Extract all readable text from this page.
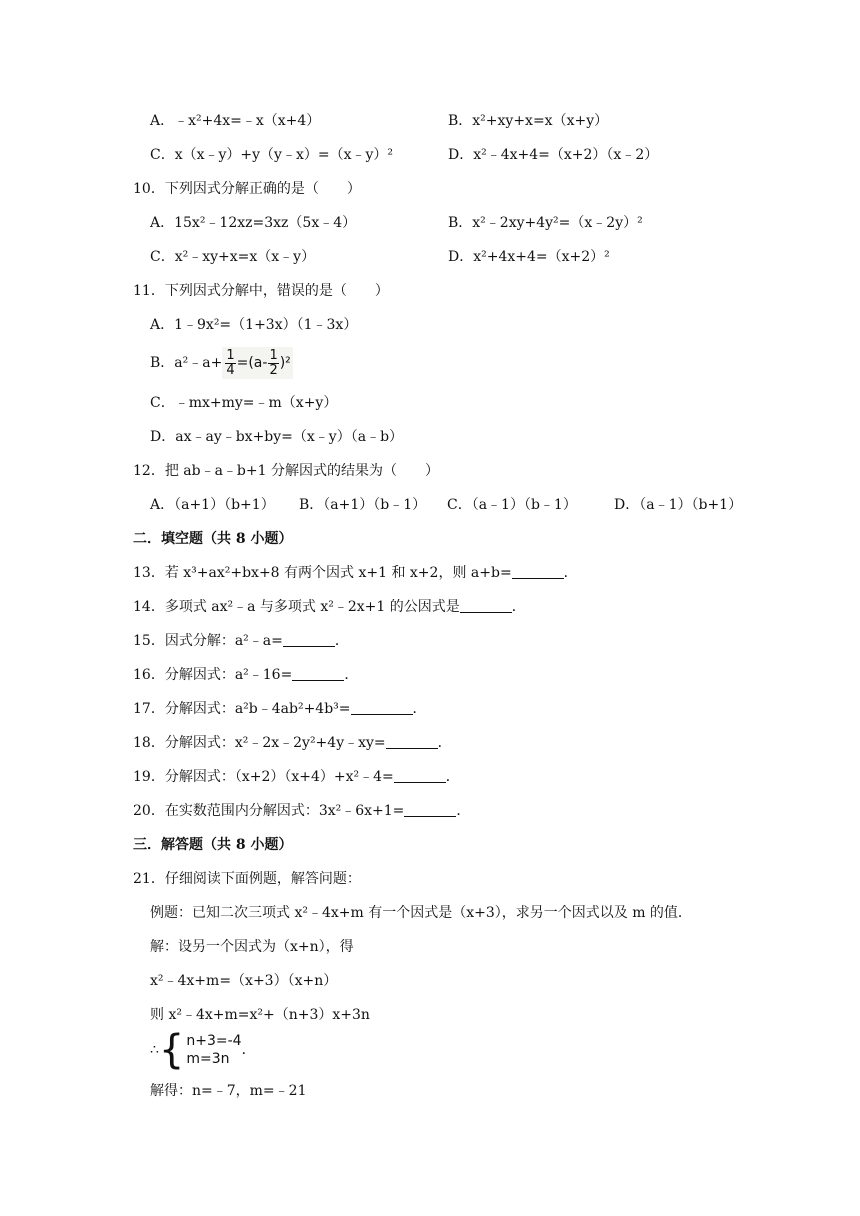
A．﹣x²+4x=﹣x（x+4）	B．x²+xy+x=x（x+y）
C．x（x﹣y）+y（y﹣x）=（x﹣y）²	D．x²﹣4x+4=（x+2）（x﹣2）
10．下列因式分解正确的是（　　）
A．15x²﹣12xz=3xz（5x﹣4）	B．x²﹣2xy+4y²=（x﹣2y）²
C．x²﹣xy+x=x（x﹣y）	D．x²+4x+4=（x+2）²
11．下列因式分解中，错误的是（　　）
A．1﹣9x²=（1+3x）（1﹣3x）
B．a²﹣a+ $\frac{1}{4} =(a- \frac{1}{2} )^2$
C．﹣mx+my=﹣m（x+y）
D．ax﹣ay﹣bx+by=（x﹣y）（a﹣b）
12．把 ab﹣a﹣b+1 分解因式的结果为（　　）
A．（a+1）（b+1） B．（a+1）（b﹣1） C．（a﹣1）（b﹣1）	D．（a﹣1）（b+1）
二．填空题（共 8 小题）
13．若 x³+ax²+bx+8 有两个因式 x+1 和 x+2，则 a+b=	．
14．多项式 ax²﹣a 与多项式 x²﹣2x+1 的公因式是	．
15．因式分解：a²﹣a=	．
16．分解因式：a²﹣16=	．
17．分解因式：a²b﹣4ab²+4b³=	．
18．分解因式：x²﹣2x﹣2y²+4y﹣xy=	．
19．分解因式：（x+2）（x+4）+x²﹣4=	．
20．在实数范围内分解因式：3x²﹣6x+1=	．
三．解答题（共 8 小题）
21．仔细阅读下面例题，解答问题：
例题：已知二次三项式 x²﹣4x+m 有一个因式是（x+3），求另一个因式以及 m 的值．
解：设另一个因式为（x+n），得
x²﹣4x+m=（x+3）（x+n）
则 x²﹣4x+m=x²+（n+3）x+3n
∴ { n+3=-4
m=3n
．
解得：n=﹣7，m=﹣21
